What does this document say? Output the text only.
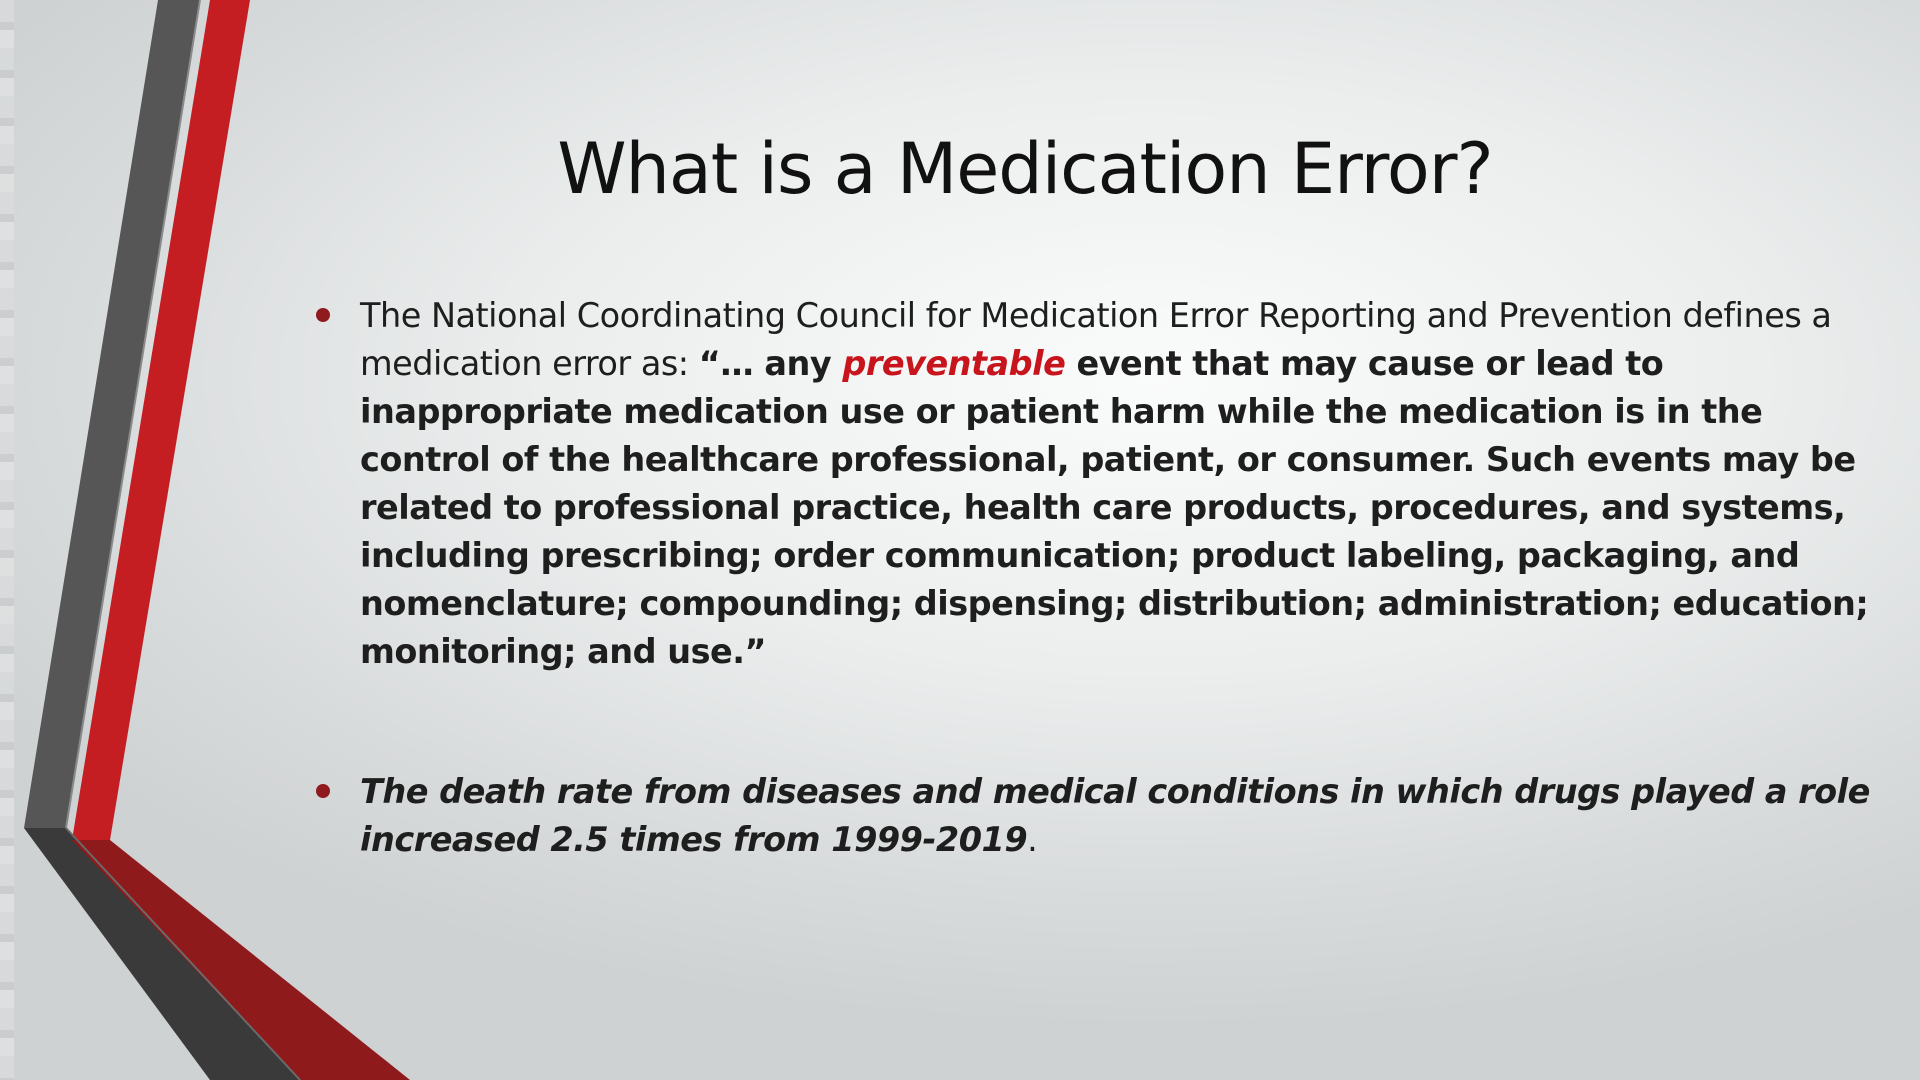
What is a Medication Error?
The National Coordinating Council for Medication Error Reporting and Prevention defines a medication error as: “… any preventable event that may cause or lead to inappropriate medication use or patient harm while the medication is in the control of the healthcare professional, patient, or consumer. Such events may be related to professional practice, health care products, procedures, and systems, including prescribing; order communication; product labeling, packaging, and nomenclature; compounding; dispensing; distribution; administration; education; monitoring; and use.”
The death rate from diseases and medical conditions in which drugs played a role increased 2.5 times from 1999-2019.
